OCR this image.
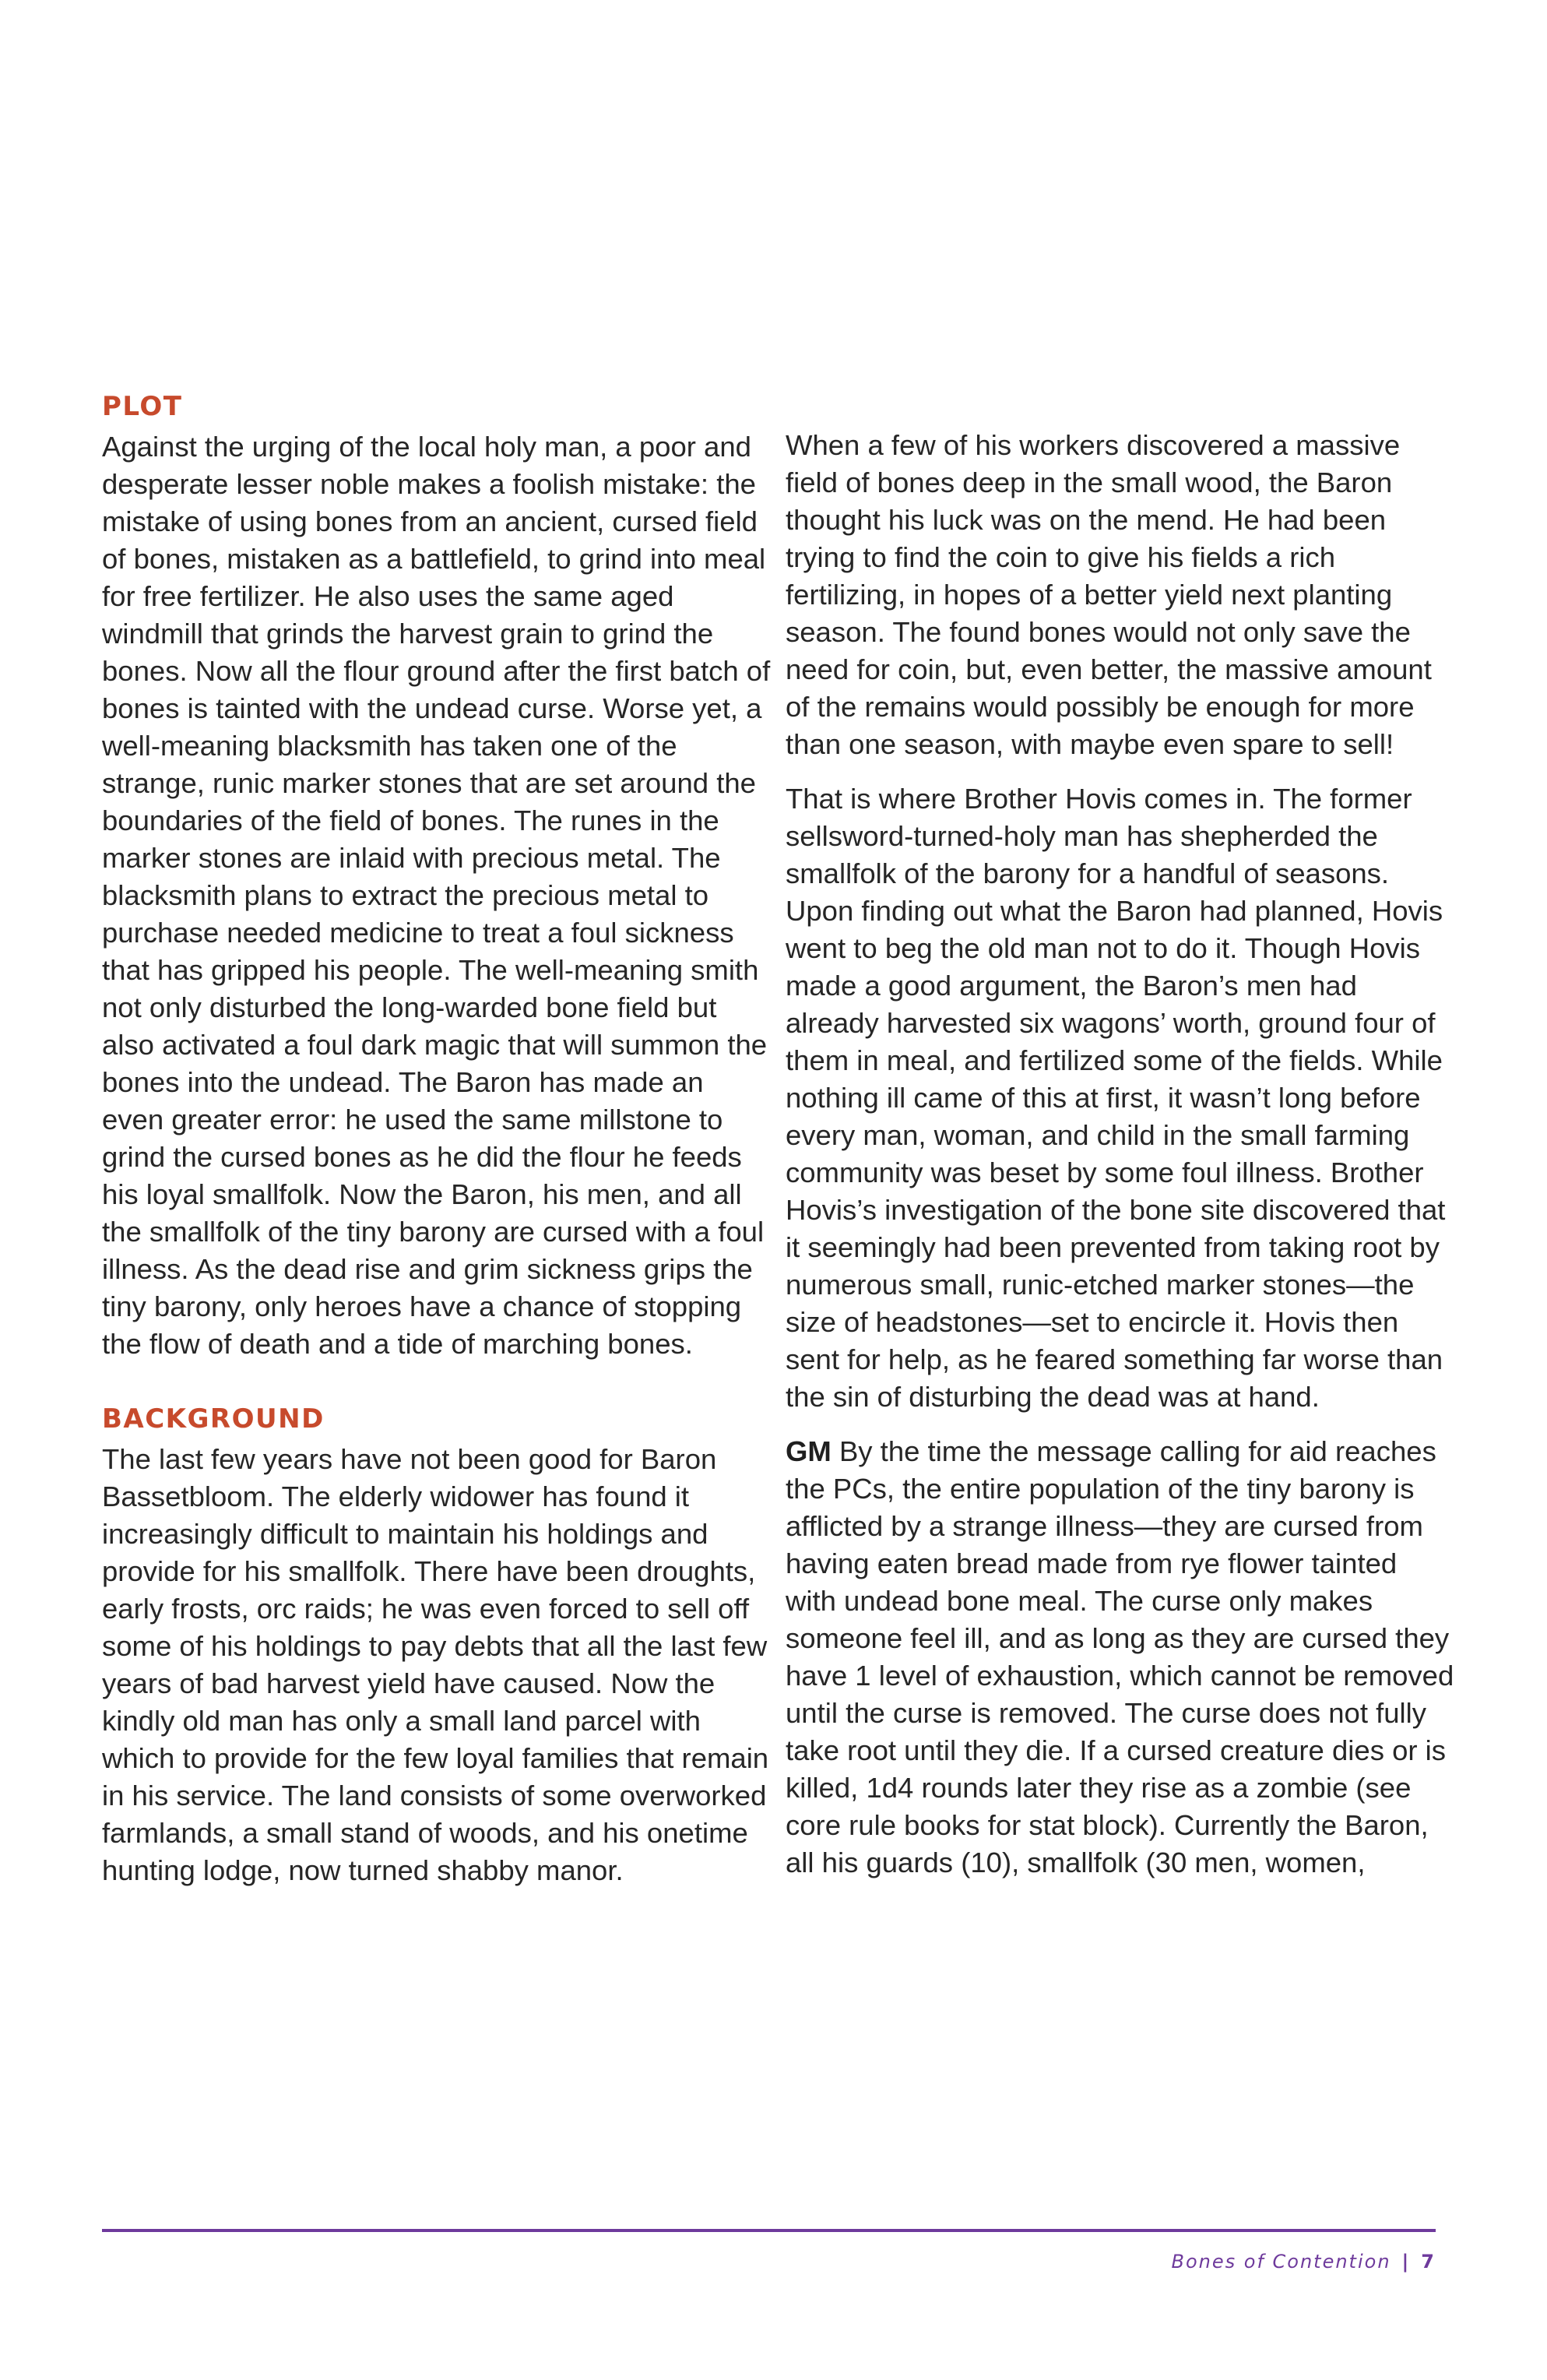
PLOT

Against the urging of the local holy man, a poor and desperate lesser noble makes a foolish mistake: the mistake of using bones from an ancient, cursed field of bones, mistaken as a battlefield, to grind into meal for free fertilizer. He also uses the same aged windmill that grinds the harvest grain to grind the bones. Now all the flour ground after the first batch of bones is tainted with the undead curse. Worse yet, a well-meaning blacksmith has taken one of the strange, runic marker stones that are set around the boundaries of the field of bones. The runes in the marker stones are inlaid with precious metal. The blacksmith plans to extract the precious metal to purchase needed medicine to treat a foul sickness that has gripped his people. The well-meaning smith not only disturbed the long-warded bone field but also activated a foul dark magic that will summon the bones into the undead. The Baron has made an even greater error: he used the same millstone to grind the cursed bones as he did the flour he feeds his loyal smallfolk. Now the Baron, his men, and all the smallfolk of the tiny barony are cursed with a foul illness. As the dead rise and grim sickness grips the tiny barony, only heroes have a chance of stopping the flow of death and a tide of marching bones.

BACKGROUND

The last few years have not been good for Baron Bassetbloom. The elderly widower has found it increasingly difficult to maintain his holdings and provide for his smallfolk. There have been droughts, early frosts, orc raids; he was even forced to sell off some of his holdings to pay debts that all the last few years of bad harvest yield have caused. Now the kindly old man has only a small land parcel with which to provide for the few loyal families that remain in his service. The land consists of some overworked farmlands, a small stand of woods, and his onetime hunting lodge, now turned shabby manor.

When a few of his workers discovered a massive field of bones deep in the small wood, the Baron thought his luck was on the mend. He had been trying to find the coin to give his fields a rich fertilizing, in hopes of a better yield next planting season. The found bones would not only save the need for coin, but, even better, the massive amount of the remains would possibly be enough for more than one season, with maybe even spare to sell!

That is where Brother Hovis comes in. The former sellsword-turned-holy man has shepherded the smallfolk of the barony for a handful of seasons. Upon finding out what the Baron had planned, Hovis went to beg the old man not to do it. Though Hovis made a good argument, the Baron’s men had already harvested six wagons’ worth, ground four of them in meal, and fertilized some of the fields. While nothing ill came of this at first, it wasn’t long before every man, woman, and child in the small farming community was beset by some foul illness. Brother Hovis’s investigation of the bone site discovered that it seemingly had been prevented from taking root by numerous small, runic-etched marker stones—the size of headstones—set to encircle it. Hovis then sent for help, as he feared something far worse than the sin of disturbing the dead was at hand.

GM By the time the message calling for aid reaches the PCs, the entire population of the tiny barony is afflicted by a strange illness—they are cursed from having eaten bread made from rye flower tainted with undead bone meal. The curse only makes someone feel ill, and as long as they are cursed they have 1 level of exhaustion, which cannot be removed until the curse is removed. The curse does not fully take root until they die. If a cursed creature dies or is killed, 1d4 rounds later they rise as a zombie (see core rule books for stat block). Currently the Baron, all his guards (10), smallfolk (30 men, women,

Bones of Contention | 7
